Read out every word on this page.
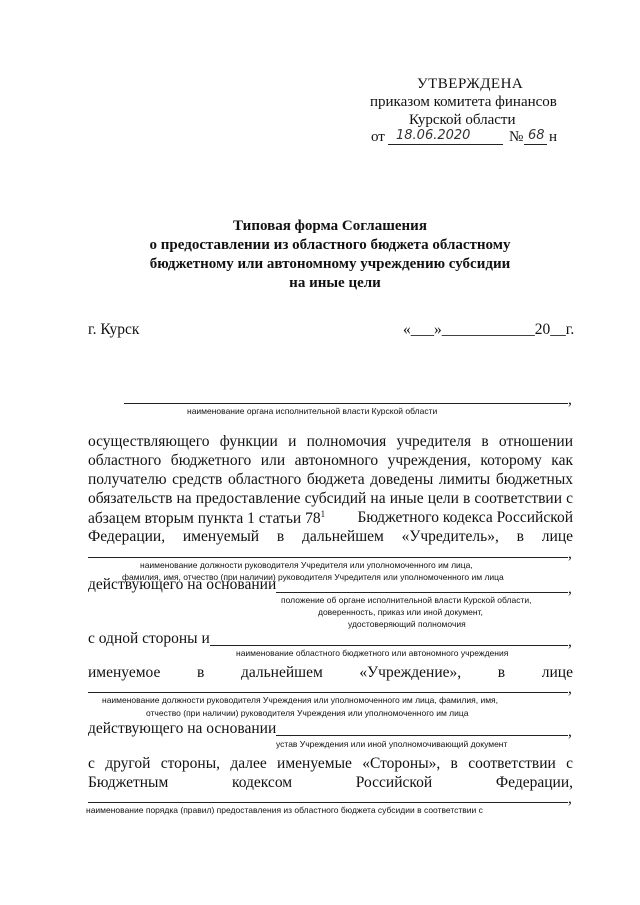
УТВЕРЖДЕНА
приказом комитета финансов
Курской области
от 18.06.2020	№ 68 н
Типовая форма Соглашения
о предоставлении из областного бюджета областному
бюджетному или автономному учреждению субсидии
на иные цели
г. Курск	«___»____________20__г.
,
наименование органа исполнительной власти Курской области
осуществляющего функции и полномочия учредителя в отношении
областного бюджетного или автономного учреждения, которому как
получателю средств областного бюджета доведены лимиты бюджетных
обязательств на предоставление субсидий на иные цели в соответствии с
абзацем вторым пункта 1 статьи $78^1$ Бюджетного кодекса Российской
Федерации, именуемый в дальнейшем «Учредитель», в лице
,
наименование должности руководителя Учредителя или уполномоченного им лица,
фамилия, имя, отчество (при наличии) руководителя Учредителя или уполномоченного им лица
действующего на основании	,
положение об органе исполнительной власти Курской области,
доверенность, приказ или иной документ,
удостоверяющий полномочия
с одной стороны и	,
наименование областного бюджетного или автономного учреждения
именуемое в дальнейшем «Учреждение», в лице
,
наименование должности руководителя Учреждения или уполномоченного им лица, фамилия, имя,
отчество (при наличии) руководителя Учреждения или уполномоченного им лица
действующего на основании	,
устав Учреждения или иной уполномочивающий документ
с другой стороны, далее именуемые «Стороны», в соответствии с
Бюджетным кодексом Российской Федерации,
,
наименование порядка (правил) предоставления из областного бюджета субсидии в соответствии с
